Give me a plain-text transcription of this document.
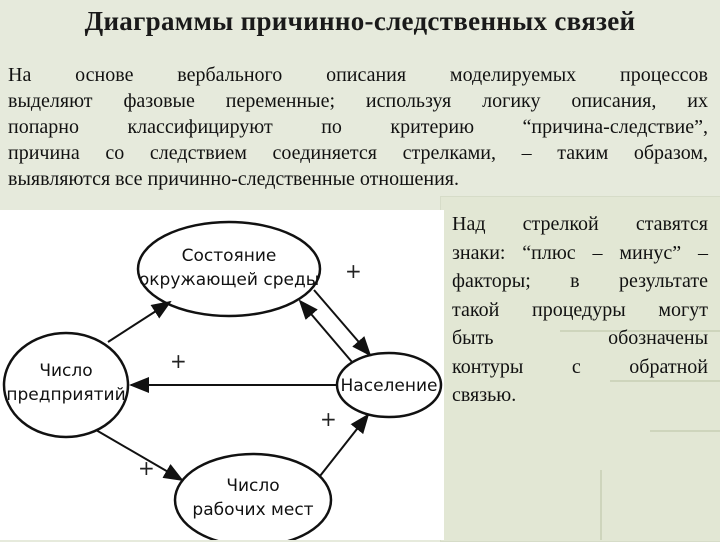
Диаграммы причинно-следственных связей
На основе вербального описания моделируемых процессов
выделяют фазовые переменные; используя логику описания, их
попарно классифицируют по критерию “причина-следствие”,
причина со следствием соединяется стрелками, – таким образом,
выявляются все причинно-следственные отношения.
Состояние
окружающей среды
Число
предприятий	Население
Число
рабочих мест
+
+
+
+
Над стрелкой ставятся
знаки: “плюс – минус” –
факторы; в результате
такой процедуры могут
быть обозначены
контуры с обратной
связью.
